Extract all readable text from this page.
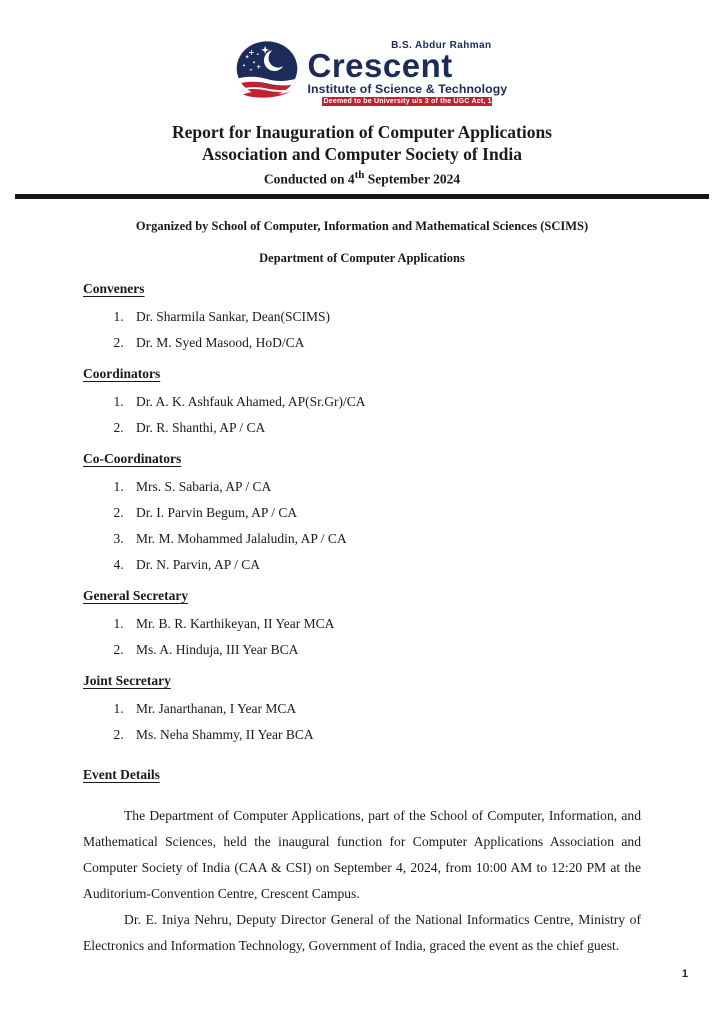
B.S. Abdur Rahman
Crescent
Institute of Science & Technology
Deemed to be University u/s 3 of the UGC Act, 1956
Report for Inauguration of Computer Applications
Association and Computer Society of India
Conducted on 4th September 2024
Organized by School of Computer, Information and Mathematical Sciences (SCIMS)
Department of Computer Applications
Conveners
1. Dr. Sharmila Sankar, Dean(SCIMS)
2. Dr. M. Syed Masood, HoD/CA
Coordinators
1. Dr. A. K. Ashfauk Ahamed, AP(Sr.Gr)/CA
2. Dr. R. Shanthi, AP / CA
Co-Coordinators
1. Mrs. S. Sabaria, AP / CA
2. Dr. I. Parvin Begum, AP / CA
3. Mr. M. Mohammed Jalaludin, AP / CA
4. Dr. N. Parvin, AP / CA
General Secretary
1. Mr. B. R. Karthikeyan, II Year MCA
2. Ms. A. Hinduja, III Year BCA
Joint Secretary
1. Mr. Janarthanan, I Year MCA
2. Ms. Neha Shammy, II Year BCA
Event Details

The Department of Computer Applications, part of the School of Computer, Information, and Mathematical Sciences, held the inaugural function for Computer Applications Association and Computer Society of India (CAA & CSI) on September 4, 2024, from 10:00 AM to 12:20 PM at the Auditorium-Convention Centre, Crescent Campus.

Dr. E. Iniya Nehru, Deputy Director General of the National Informatics Centre, Ministry of Electronics and Information Technology, Government of India, graced the event as the chief guest.

1
